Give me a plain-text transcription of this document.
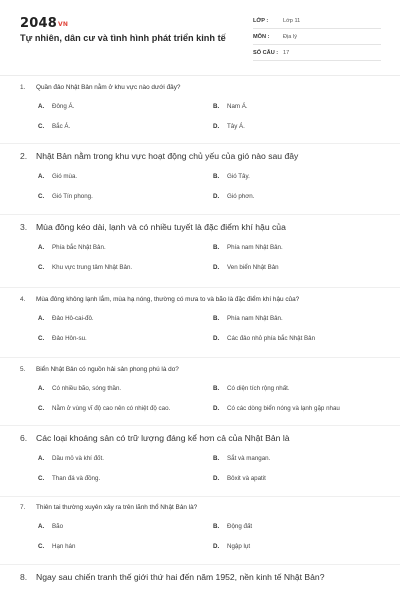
2048VN
Tự nhiên, dân cư và tình hình phát triển kinh tế
LỚP :	Lớp 11
MÔN :	Địa lý
SỐ CÂU : 17
1.	Quần đảo Nhật Bản nằm ở khu vực nào dưới đây?
A.	Đông Á.	B.	Nam Á.
C.	Bắc Á.	D.	Tây Á.
2.	Nhật Bản nằm trong khu vực hoạt động chủ yếu của gió nào sau đây
A.	Gió mùa.	B.	Gió Tây.
C.	Gió Tín phong.	D.	Gió phơn.
3.	Mùa đông kéo dài, lạnh và có nhiều tuyết là đặc điểm khí hậu của
A.	Phía bắc Nhật Bản.	B.	Phía nam Nhật Bản.
C.	Khu vực trung tâm Nhật Bản.	D.	Ven biển Nhật Bản
4.	Mùa đông không lạnh lắm, mùa hạ nóng, thường có mưa to và bão là đặc điểm khí hậu của?
A.	Đảo Hô-cai-đô.	B.	Phía nam Nhật Bản.
C.	Đảo Hôn-su.	D.	Các đảo nhỏ phía bắc Nhật Bản
5.	Biển Nhật Bản có nguồn hải sản phong phú là do?
A.	Có nhiều bão, sóng thần.	B.	Có diện tích rộng nhất.
C.	Nằm ở vùng vĩ độ cao nên có nhiệt độ cao.	D.	Có các dòng biển nóng và lạnh gặp nhau
6.	Các loại khoáng sản có trữ lượng đáng kể hơn cả của Nhật Bản là
A.	Dầu mỏ và khí đốt.	B.	Sắt và mangan.
C.	Than đá và đồng.	D.	Bôxit và apatit
7.	Thiên tai thường xuyên xảy ra trên lãnh thổ Nhật Bản là?
A.	Bão	B.	Động đất
C.	Hạn hán	D.	Ngập lụt
8.	Ngay sau chiến tranh thế giới thứ hai đến năm 1952, nền kinh tế Nhật Bản?
